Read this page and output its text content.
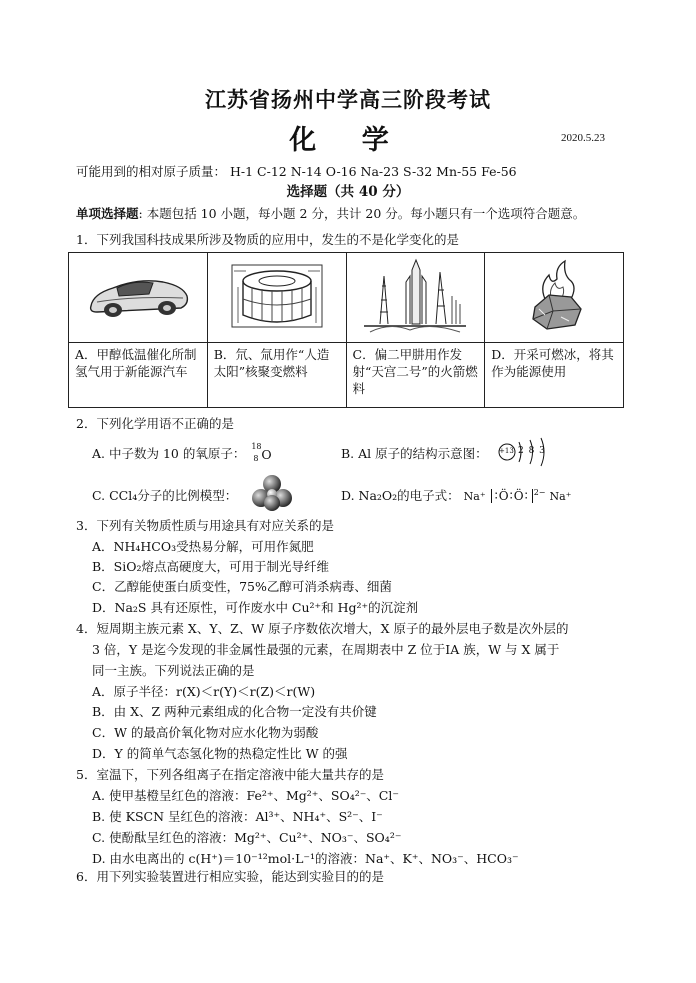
江苏省扬州中学高三阶段考试
化 学	2020.5.23
可能用到的相对原子质量： H-1 C-12 N-14 O-16 Na-23 S-32 Mn-55 Fe-56
选择题（共 40 分）
单项选择题: 本题包括 10 小题，每小题 2 分，共计 20 分。每小题只有一个选项符合题意。
1．下列我国科技成果所涉及物质的应用中，发生的不是化学变化的是

A．甲醇低温催化所制氢气用于新能源汽车	B．氘、氚用作“人造太阳”核聚变燃料	C．偏二甲肼用作发射“天宫二号”的火箭燃料	D．开采可燃冰，将其作为能源使用
2．下列化学用语不正确的是
A. 中子数为 10 的氧原子： 18
8 O	B. Al 原子的结构示意图： +13 2 8 3
C. CCl₄分子的比例模型：	D. Na₂O₂的电子式： Na⁺ ∶Ö∶Ö∶ $^{2-}$ Na⁺
3．下列有关物质性质与用途具有对应关系的是
A．NH₄HCO₃受热易分解，可用作氮肥
B．SiO₂熔点高硬度大，可用于制光导纤维
C．乙醇能使蛋白质变性，75%乙醇可消杀病毒、细菌
D．Na₂S 具有还原性，可作废水中 Cu²⁺和 Hg²⁺的沉淀剂
4．短周期主族元素 X、Y、Z、W 原子序数依次增大，X 原子的最外层电子数是次外层的
3 倍，Y 是迄今发现的非金属性最强的元素，在周期表中 Z 位于ⅠA 族，W 与 X 属于
同一主族。下列说法正确的是
A．原子半径：r(X)＜r(Y)＜r(Z)＜r(W)
B．由 X、Z 两种元素组成的化合物一定没有共价键
C．W 的最高价氧化物对应水化物为弱酸
D．Y 的简单气态氢化物的热稳定性比 W 的强
5．室温下，下列各组离子在指定溶液中能大量共存的是
A. 使甲基橙呈红色的溶液：Fe²⁺、Mg²⁺、SO₄²⁻、Cl⁻
B. 使 KSCN 呈红色的溶液：Al³⁺、NH₄⁺、S²⁻、I⁻
C. 使酚酞呈红色的溶液：Mg²⁺、Cu²⁺、NO₃⁻、SO₄²⁻
D. 由水电离出的 c(H⁺)＝10⁻¹²mol·L⁻¹的溶液：Na⁺、K⁺、NO₃⁻、HCO₃⁻
6．用下列实验装置进行相应实验，能达到实验目的的是
